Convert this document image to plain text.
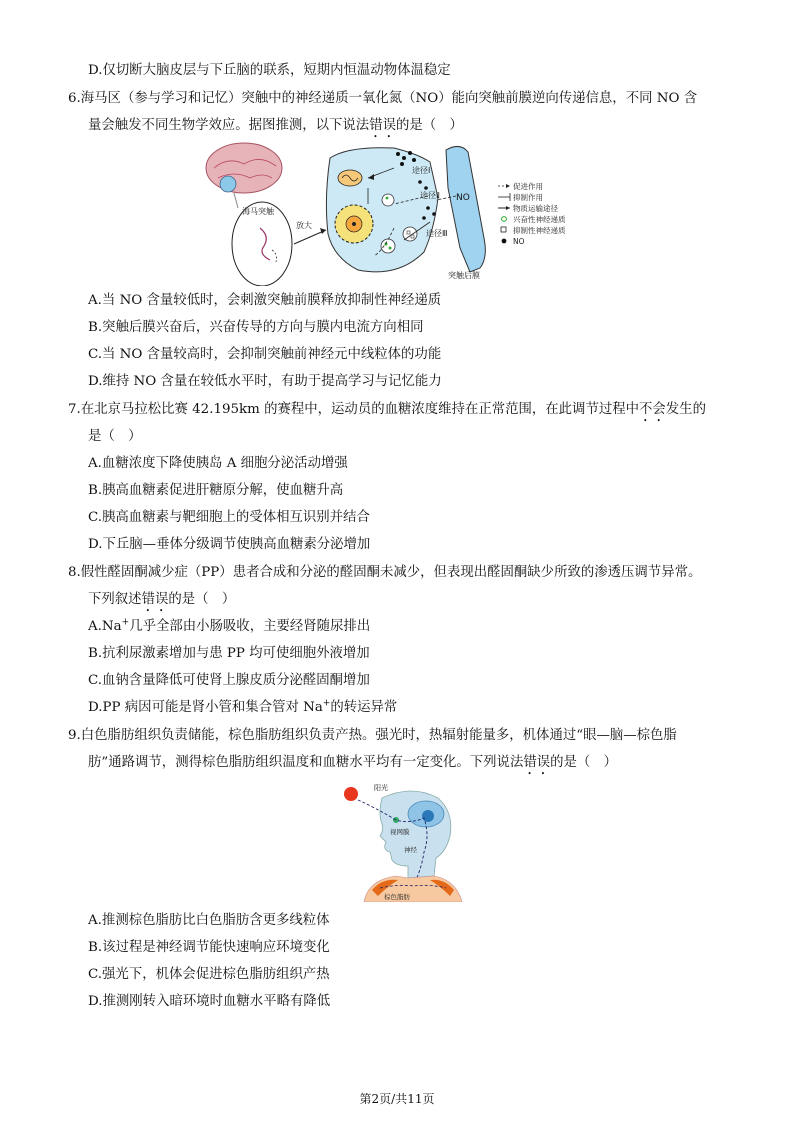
D.仅切断大脑皮层与下丘脑的联系，短期内恒温动物体温稳定
6.海马区（参与学习和记忆）突触中的神经递质一氧化氮（NO）能向突触前膜逆向传递信息，不同 NO 含
量会触发不同生物学效应。据图推测，以下说法错误的是（　）
海马突触
放大
途径Ⅰ
途径Ⅱ
途径Ⅲ
NO
突触后膜
促进作用
抑制作用
物质运输途径
兴奋性神经递质
抑制性神经递质
NO
A.当 NO 含量较低时，会刺激突触前膜释放抑制性神经递质
B.突触后膜兴奋后，兴奋传导的方向与膜内电流方向相同
C.当 NO 含量较高时，会抑制突触前神经元中线粒体的功能
D.维持 NO 含量在较低水平时，有助于提高学习与记忆能力
7.在北京马拉松比赛 42.195km 的赛程中，运动员的血糖浓度维持在正常范围，在此调节过程中不会发生的
是（　）
A.血糖浓度下降使胰岛 A 细胞分泌活动增强
B.胰高血糖素促进肝糖原分解，使血糖升高
C.胰高血糖素与靶细胞上的受体相互识别并结合
D.下丘脑—垂体分级调节使胰高血糖素分泌增加
8.假性醛固酮减少症（PP）患者合成和分泌的醛固酮未减少，但表现出醛固酮缺少所致的渗透压调节异常。
下列叙述错误的是（　）
A.Na+几乎全部由小肠吸收，主要经肾随尿排出
B.抗利尿激素增加与患 PP 均可使细胞外液增加
C.血钠含量降低可使肾上腺皮质分泌醛固酮增加
D.PP 病因可能是肾小管和集合管对 Na+的转运异常
9.白色脂肪组织负责储能，棕色脂肪组织负责产热。强光时，热辐射能量多，机体通过“眼—脑—棕色脂
肪”通路调节，测得棕色脂肪组织温度和血糖水平均有一定变化。下列说法错误的是（　）
阳光
视网膜
神经
棕色脂肪
A.推测棕色脂肪比白色脂肪含更多线粒体
B.该过程是神经调节能快速响应环境变化
C.强光下，机体会促进棕色脂肪组织产热
D.推测刚转入暗环境时血糖水平略有降低
第2页/共11页
